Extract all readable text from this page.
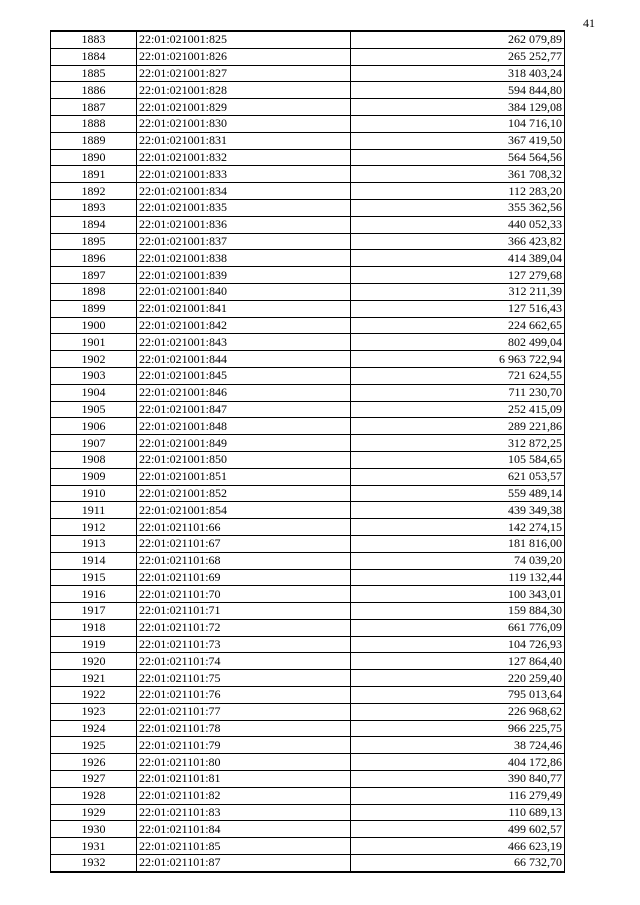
41
1883	22:01:021001:825	262 079,89
1884	22:01:021001:826	265 252,77
1885	22:01:021001:827	318 403,24
1886	22:01:021001:828	594 844,80
1887	22:01:021001:829	384 129,08
1888	22:01:021001:830	104 716,10
1889	22:01:021001:831	367 419,50
1890	22:01:021001:832	564 564,56
1891	22:01:021001:833	361 708,32
1892	22:01:021001:834	112 283,20
1893	22:01:021001:835	355 362,56
1894	22:01:021001:836	440 052,33
1895	22:01:021001:837	366 423,82
1896	22:01:021001:838	414 389,04
1897	22:01:021001:839	127 279,68
1898	22:01:021001:840	312 211,39
1899	22:01:021001:841	127 516,43
1900	22:01:021001:842	224 662,65
1901	22:01:021001:843	802 499,04
1902	22:01:021001:844	6 963 722,94
1903	22:01:021001:845	721 624,55
1904	22:01:021001:846	711 230,70
1905	22:01:021001:847	252 415,09
1906	22:01:021001:848	289 221,86
1907	22:01:021001:849	312 872,25
1908	22:01:021001:850	105 584,65
1909	22:01:021001:851	621 053,57
1910	22:01:021001:852	559 489,14
1911	22:01:021001:854	439 349,38
1912	22:01:021101:66	142 274,15
1913	22:01:021101:67	181 816,00
1914	22:01:021101:68	74 039,20
1915	22:01:021101:69	119 132,44
1916	22:01:021101:70	100 343,01
1917	22:01:021101:71	159 884,30
1918	22:01:021101:72	661 776,09
1919	22:01:021101:73	104 726,93
1920	22:01:021101:74	127 864,40
1921	22:01:021101:75	220 259,40
1922	22:01:021101:76	795 013,64
1923	22:01:021101:77	226 968,62
1924	22:01:021101:78	966 225,75
1925	22:01:021101:79	38 724,46
1926	22:01:021101:80	404 172,86
1927	22:01:021101:81	390 840,77
1928	22:01:021101:82	116 279,49
1929	22:01:021101:83	110 689,13
1930	22:01:021101:84	499 602,57
1931	22:01:021101:85	466 623,19
1932	22:01:021101:87	66 732,70
